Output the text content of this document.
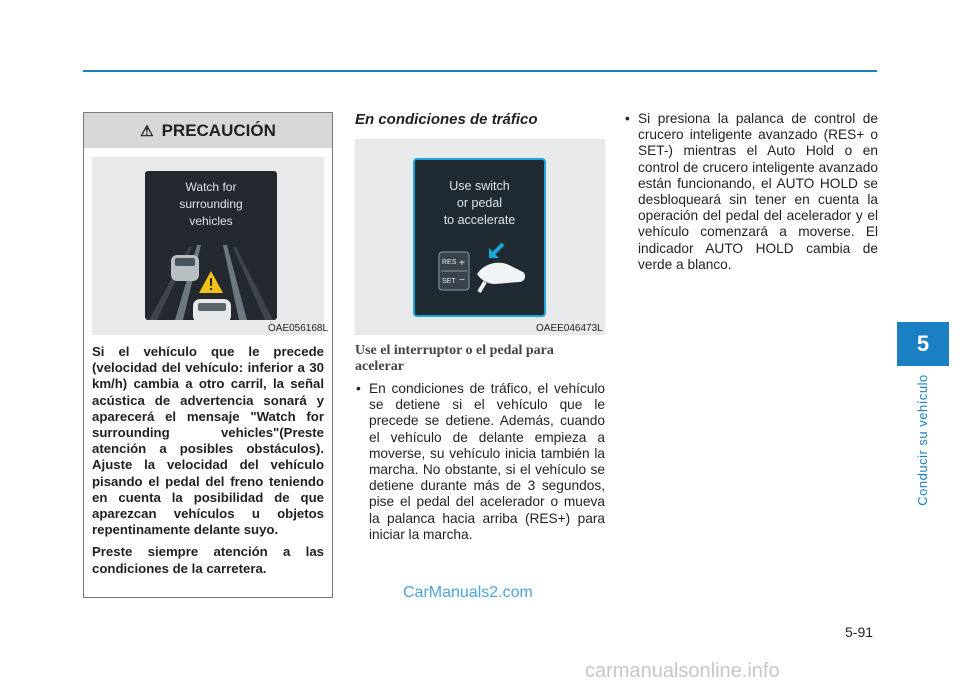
5
Conducir su vehículo
⚠ PRECAUCIÓN
Watch for
surrounding
vehicles
OAE056168L

Si el vehículo que le precede (velocidad del vehículo: inferior a 30 km/h) cambia a otro carril, la señal acústica de advertencia sonará y aparecerá el mensaje "Watch for surrounding vehicles"(Preste atención a posibles obstáculos). Ajuste la velocidad del vehículo pisando el pedal del freno teniendo en cuenta la posibilidad de que aparezcan vehículos u objetos repentinamente delante suyo.

Preste siempre atención a las condiciones de la carretera.

En condiciones de tráfico
Use switch
or pedal
to accelerate
RES +
SET −
OAEE046473L
Use el interruptor o el pedal para acelerar
• En condiciones de tráfico, el vehículo se detiene si el vehículo que le precede se detiene. Además, cuando el vehículo de delante empieza a moverse, su vehículo inicia también la marcha. No obstante, si el vehículo se detiene durante más de 3 segundos, pise el pedal del acelerador o mueva la palanca hacia arriba (RES+) para iniciar la marcha.
• Si presiona la palanca de control de crucero inteligente avanzado (RES+ o SET-) mientras el Auto Hold o en control de crucero inteligente avanzado están funcionando, el AUTO HOLD se desbloqueará sin tener en cuenta la operación del pedal del acelerador y el vehículo comenzará a moverse. El indicador AUTO HOLD cambia de verde a blanco.
5-91
CarManuals2.com
carmanualsonline.info
